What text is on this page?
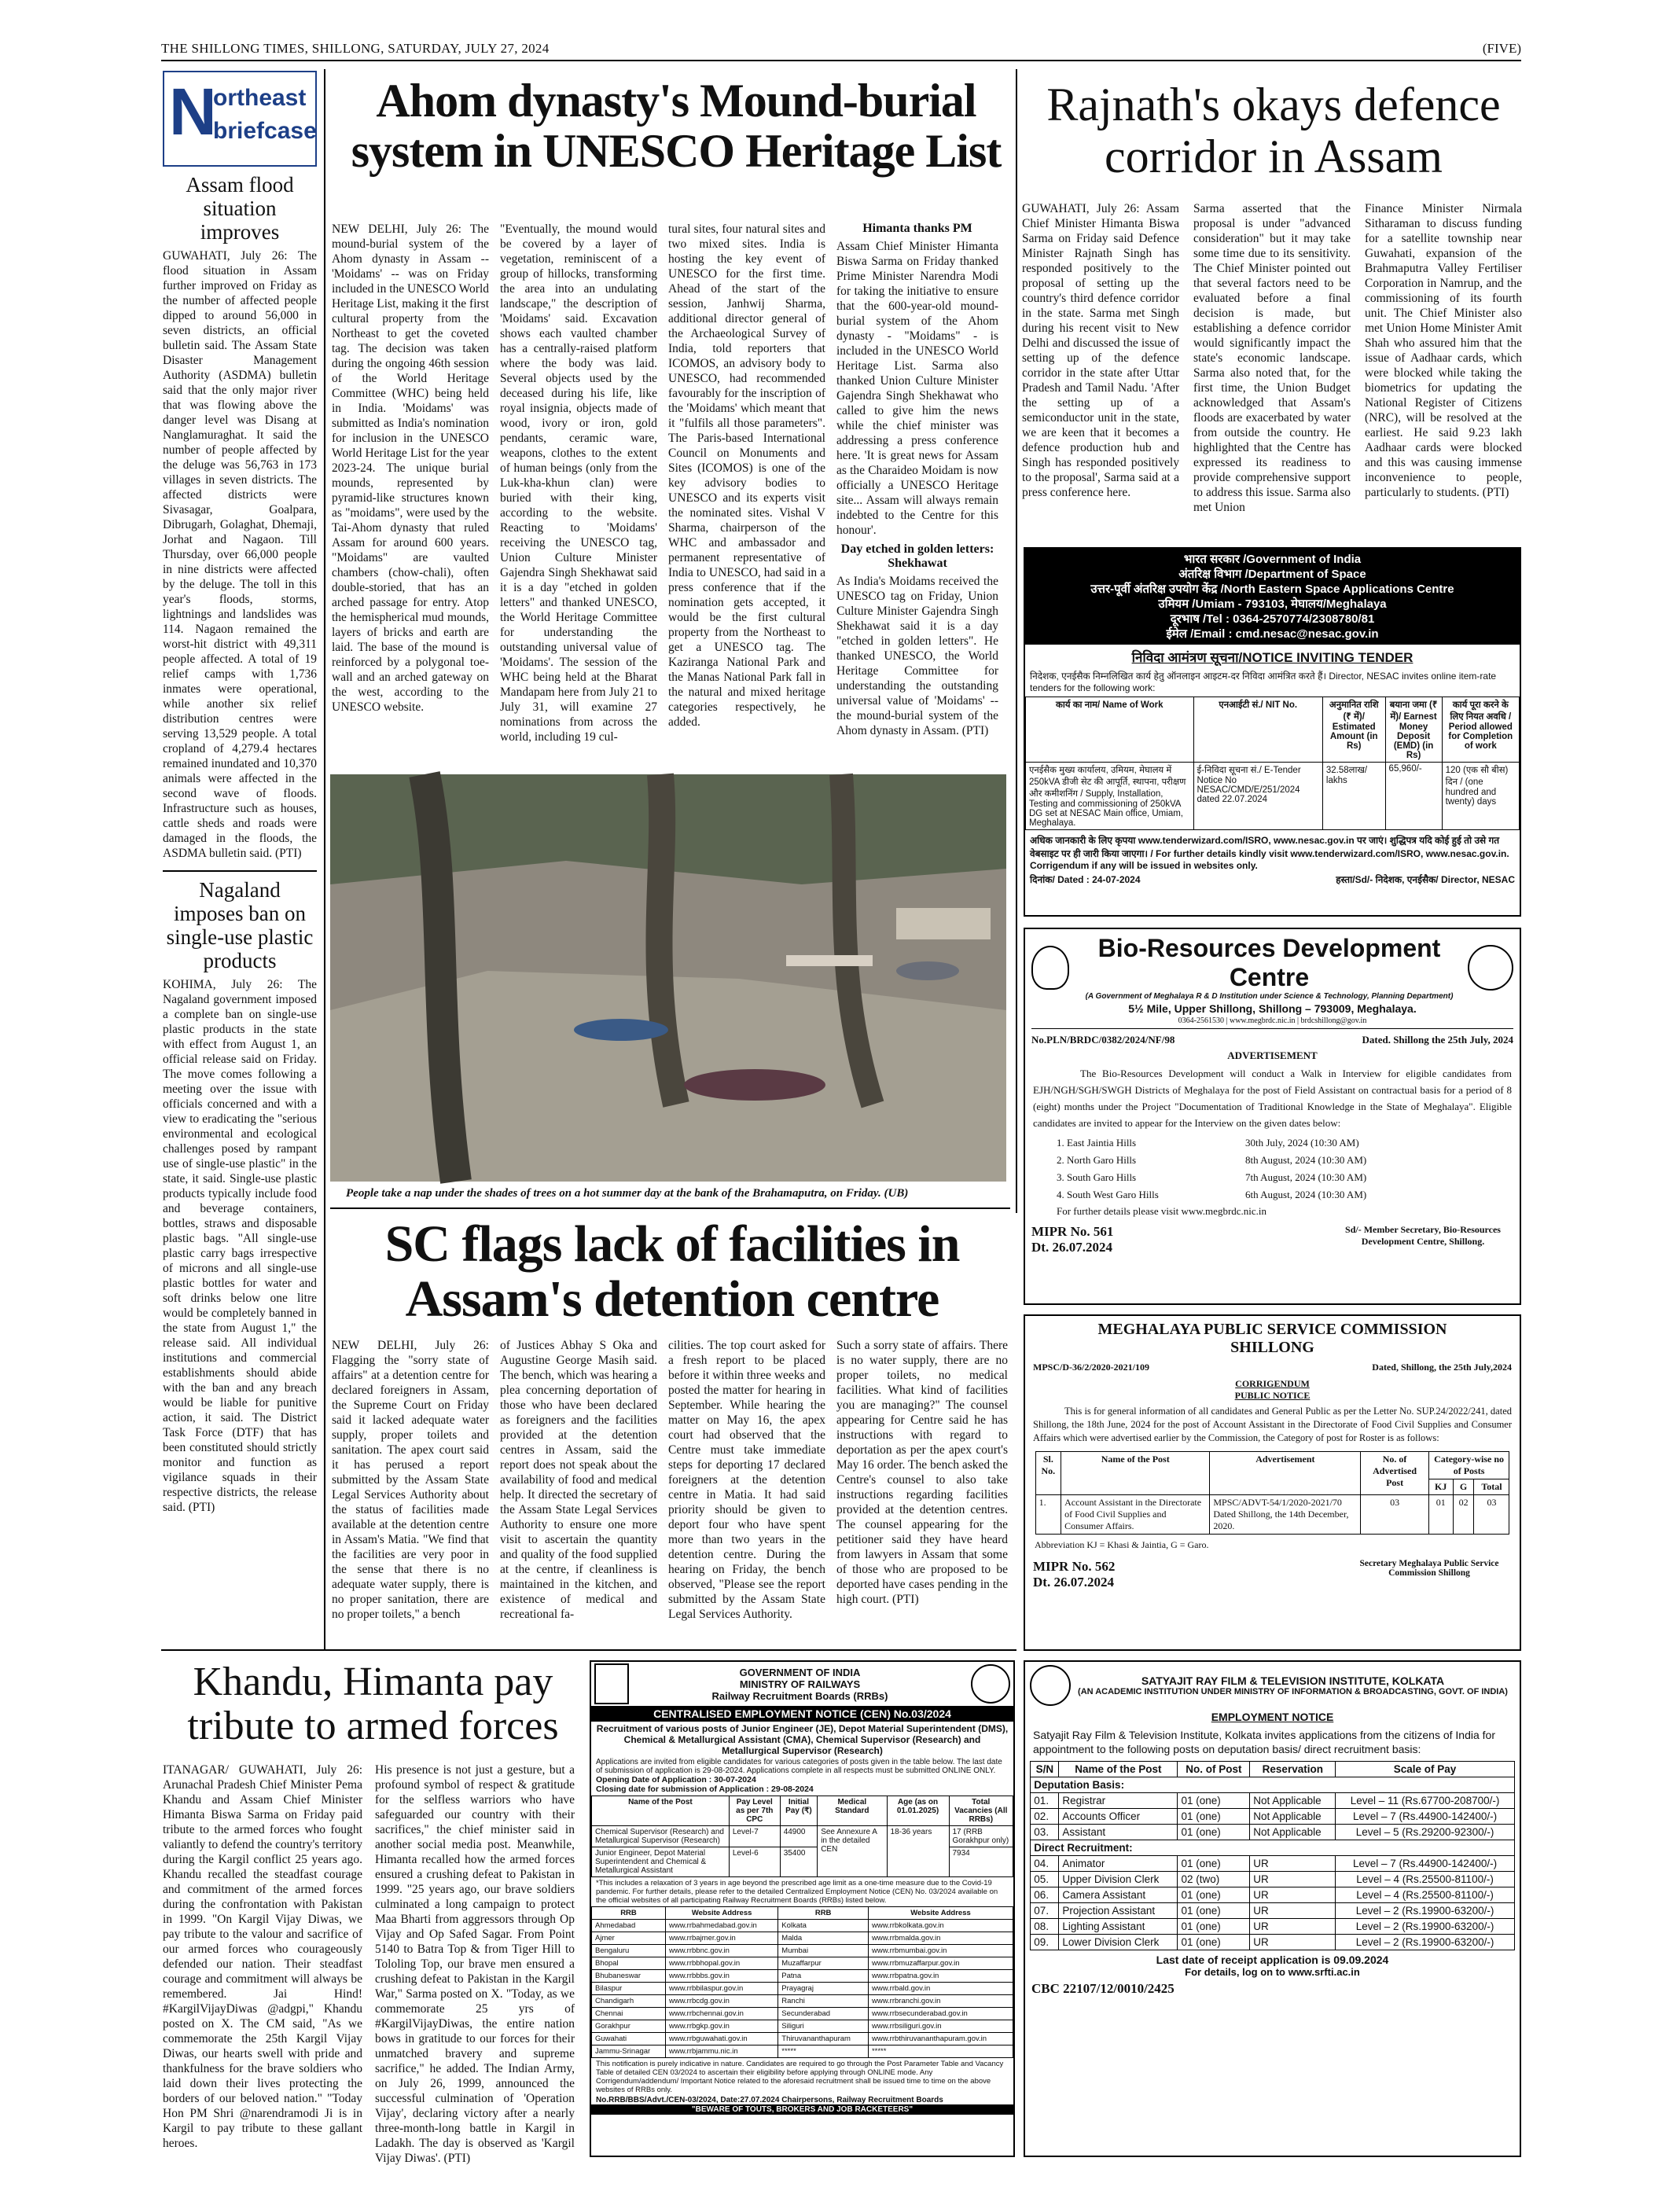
THE SHILLONG TIMES, SHILLONG, SATURDAY, JULY 27, 2024	(FIVE)
N
ortheast
briefcase
Assam flood situation improves
GUWAHATI, July 26: The flood situation in Assam further improved on Friday as the number of affected people dipped to around 56,000 in seven districts, an official bulletin said. The Assam State Disaster Management Authority (ASDMA) bulletin said that the only major river that was flowing above the danger level was Disang at Nanglamuraghat. It said the number of people affected by the deluge was 56,763 in 173 villages in seven districts. The affected districts were Sivasagar, Goalpara, Dibrugarh, Golaghat, Dhemaji, Jorhat and Nagaon. Till Thursday, over 66,000 people in nine districts were affected by the deluge. The toll in this year's floods, storms, lightnings and landslides was 114. Nagaon remained the worst-hit district with 49,311 people affected. A total of 19 relief camps with 1,736 inmates were operational, while another six relief distribution centres were serving 13,529 people. A total cropland of 4,279.4 hectares remained inundated and 10,370 animals were affected in the second wave of floods. Infrastructure such as houses, cattle sheds and roads were damaged in the floods, the ASDMA bulletin said. (PTI)
Nagaland imposes ban on single-use plastic products
KOHIMA, July 26: The Nagaland government imposed a complete ban on single-use plastic products in the state with effect from August 1, an official release said on Friday. The move comes following a meeting over the issue with officials concerned and with a view to eradicating the "serious environmental and ecological challenges posed by rampant use of single-use plastic" in the state, it said. Single-use plastic products typically include food and beverage containers, bottles, straws and disposable plastic bags. "All single-use plastic carry bags irrespective of microns and all single-use plastic bottles for water and soft drinks below one litre would be completely banned in the state from August 1," the release said. All individual institutions and commercial establishments should abide with the ban and any breach would be liable for punitive action, it said. The District Task Force (DTF) that has been constituted should strictly monitor and function as vigilance squads in their respective districts, the release said. (PTI)
Ahom dynasty's Mound-burial system in UNESCO Heritage List
NEW DELHI, July 26: The mound-burial system of the Ahom dynasty in Assam -- 'Moidams' -- was on Friday included in the UNESCO World Heritage List, making it the first cultural property from the Northeast to get the coveted tag. The decision was taken during the ongoing 46th session of the World Heritage Committee (WHC) being held in India. 'Moidams' was submitted as India's nomination for inclusion in the UNESCO World Heritage List for the year 2023-24. The unique burial mounds, represented by pyramid-like structures known as "moidams", were used by the Tai-Ahom dynasty that ruled Assam for around 600 years. "Moidams" are vaulted chambers (chow-chali), often double-storied, that has an arched passage for entry. Atop the hemispherical mud mounds, layers of bricks and earth are laid. The base of the mound is reinforced by a polygonal toe-wall and an arched gateway on the west, according to the UNESCO website.
"Eventually, the mound would be covered by a layer of vegetation, reminiscent of a group of hillocks, transforming the area into an undulating landscape," the description of 'Moidams' said. Excavation shows each vaulted chamber has a centrally-raised platform where the body was laid. Several objects used by the deceased during his life, like royal insignia, objects made of wood, ivory or iron, gold pendants, ceramic ware, weapons, clothes to the extent of human beings (only from the Luk-kha-khun clan) were buried with their king, according to the website. Reacting to 'Moidams' receiving the UNESCO tag, Union Culture Minister Gajendra Singh Shekhawat said it is a day "etched in golden letters" and thanked UNESCO, the World Heritage Committee for understanding the outstanding universal value of 'Moidams'. The session of the WHC being held at the Bharat Mandapam here from July 21 to July 31, will examine 27 nominations from across the world, including 19 cul-
tural sites, four natural sites and two mixed sites. India is hosting the key event of UNESCO for the first time. Ahead of the start of the session, Janhwij Sharma, additional director general of the Archaeological Survey of India, told reporters that ICOMOS, an advisory body to UNESCO, had recommended favourably for the inscription of the 'Moidams' which meant that it "fulfils all those parameters". The Paris-based International Council on Monuments and Sites (ICOMOS) is one of the key advisory bodies to UNESCO and its experts visit the nominated sites. Vishal V Sharma, chairperson of the WHC and ambassador and permanent representative of India to UNESCO, had said in a press conference that if the nomination gets accepted, it would be the first cultural property from the Northeast to get a UNESCO tag. The Kaziranga National Park and the Manas National Park fall in the natural and mixed heritage categories respectively, he added.
Himanta thanks PM
Assam Chief Minister Himanta Biswa Sarma on Friday thanked Prime Minister Narendra Modi for taking the initiative to ensure that the 600-year-old mound-burial system of the Ahom dynasty - "Moidams" - is included in the UNESCO World Heritage List. Sarma also thanked Union Culture Minister Gajendra Singh Shekhawat who called to give him the news while the chief minister was addressing a press conference here. 'It is great news for Assam as the Charaideo Moidam is now officially a UNESCO Heritage site... Assam will always remain indebted to the Centre for this honour'.
Day etched in golden letters: Shekhawat
As India's Moidams received the UNESCO tag on Friday, Union Culture Minister Gajendra Singh Shekhawat said it is a day "etched in golden letters". He thanked UNESCO, the World Heritage Committee for understanding the outstanding universal value of 'Moidams' -- the mound-burial system of the Ahom dynasty in Assam. (PTI)
People take a nap under the shades of trees on a hot summer day at the bank of the Brahamaputra, on Friday. (UB)
SC flags lack of facilities in Assam's detention centre
NEW DELHI, July 26: Flagging the "sorry state of affairs" at a detention centre for declared foreigners in Assam, the Supreme Court on Friday said it lacked adequate water supply, proper toilets and sanitation. The apex court said it has perused a report submitted by the Assam State Legal Services Authority about the status of facilities made available at the detention centre in Assam's Matia. "We find that the facilities are very poor in the sense that there is no adequate water supply, there is no proper sanitation, there are no proper toilets," a bench
of Justices Abhay S Oka and Augustine George Masih said. The bench, which was hearing a plea concerning deportation of those who have been declared as foreigners and the facilities provided at the detention centres in Assam, said the report does not speak about the availability of food and medical help. It directed the secretary of the Assam State Legal Services Authority to ensure one more visit to ascertain the quantity and quality of the food supplied at the centre, if cleanliness is maintained in the kitchen, and existence of medical and recreational fa-
cilities. The top court asked for a fresh report to be placed before it within three weeks and posted the matter for hearing in September. While hearing the matter on May 16, the apex court had observed that the Centre must take immediate steps for deporting 17 declared foreigners at the detention centre in Matia. It had said priority should be given to deport four who have spent more than two years in the detention centre. During the hearing on Friday, the bench observed, "Please see the report submitted by the Assam State Legal Services Authority.
Such a sorry state of affairs. There is no water supply, there are no proper toilets, no medical facilities. What kind of facilities you are managing?" The counsel appearing for Centre said he has instructions with regard to deportation as per the apex court's May 16 order. The bench asked the Centre's counsel to also take instructions regarding facilities provided at the detention centres. The counsel appearing for the petitioner said they have heard from lawyers in Assam that some of those who are proposed to be deported have cases pending in the high court. (PTI)
Rajnath's okays defence corridor in Assam
GUWAHATI, July 26: Assam Chief Minister Himanta Biswa Sarma on Friday said Defence Minister Rajnath Singh has responded positively to the proposal of setting up the country's third defence corridor in the state. Sarma met Singh during his recent visit to New Delhi and discussed the issue of setting up of the defence corridor in the state after Uttar Pradesh and Tamil Nadu. 'After the setting up of a semiconductor unit in the state, we are keen that it becomes a defence production hub and Singh has responded positively to the proposal', Sarma said at a press conference here.
Sarma asserted that the proposal is under "advanced consideration" but it may take some time due to its sensitivity. The Chief Minister pointed out that several factors need to be evaluated before a final decision is made, but establishing a defence corridor would significantly impact the state's economic landscape. Sarma also noted that, for the first time, the Union Budget acknowledged that Assam's floods are exacerbated by water from outside the country. He highlighted that the Centre has expressed its readiness to provide comprehensive support to address this issue. Sarma also met Union
Finance Minister Nirmala Sitharaman to discuss funding for a satellite township near Guwahati, expansion of the Brahmaputra Valley Fertiliser Corporation in Namrup, and the commissioning of its fourth unit. The Chief Minister also met Union Home Minister Amit Shah who assured him that the issue of Aadhaar cards, which were blocked while taking the biometrics for updating the National Register of Citizens (NRC), will be resolved at the earliest. He said 9.23 lakh Aadhaar cards were blocked and this was causing immense inconvenience to people, particularly to students. (PTI)
भारत सरकार /Government of India
अंतरिक्ष विभाग /Department of Space
उत्तर-पूर्वी अंतरिक्ष उपयोग केंद्र /North Eastern Space Applications Centre
उमियम /Umiam - 793103, मेघालय/Meghalaya
दूरभाष /Tel : 0364-2570774/2308780/81
ईमेल /Email : cmd.nesac@nesac.gov.in
निविदा आमंत्रण सूचना/NOTICE INVITING TENDER
निदेशक, एनईसैक निम्नलिखित कार्य हेतु ऑनलाइन आइटम-दर निविदा आमंत्रित करते हैं। Director, NESAC invites online item-rate tenders for the following work:
कार्य का नाम/ Name of Work	एनआईटी सं./ NIT No.	अनुमानित राशि (₹ में)/ Estimated Amount (in Rs)	बयाना जमा (₹ में)/ Earnest Money Deposit (EMD) (in Rs)	कार्य पूरा करने के लिए नियत अवधि / Period allowed for Completion of work
एनईसैक मुख्य कार्यालय, उमियम, मेघालय में 250kVA डीजी सेट की आपूर्ति, स्थापना, परीक्षण और कमीशनिंग / Supply, Installation, Testing and commissioning of 250kVA DG set at NESAC Main office, Umiam, Meghalaya.	ई-निविदा सूचना सं./ E-Tender Notice No NESAC/CMD/E/251/2024 dated 22.07.2024	32.58लाख/ lakhs	65,960/-	120 (एक सौ बीस) दिन / (one hundred and twenty) days
अधिक जानकारी के लिए कृपया www.tenderwizard.com/ISRO, www.nesac.gov.in पर जाएं। शुद्धिपत्र यदि कोई हुई तो उसे गत वेबसाइट पर ही जारी किया जाएगा। / For further details kindly visit www.tenderwizard.com/ISRO, www.nesac.gov.in. Corrigendum if any will be issued in websites only.
दिनांक/ Dated : 24-07-2024	हस्ता/Sd/- निदेशक, एनईसैक/ Director, NESAC
Bio-Resources Development Centre
(A Government of Meghalaya R & D Institution under Science & Technology, Planning Department)
5½ Mile, Upper Shillong, Shillong – 793009, Meghalaya.
0364-2561530 | www.megbrdc.nic.in | brdcshillong@gov.in
No.PLN/BRDC/0382/2024/NF/98	Dated. Shillong the 25th July, 2024
ADVERTISEMENT
The Bio-Resources Development will conduct a Walk in Interview for eligible candidates from EJH/NGH/SGH/SWGH Districts of Meghalaya for the post of Field Assistant on contractual basis for a period of 8 (eight) months under the Project "Documentation of Traditional Knowledge in the State of Meghalaya". Eligible candidates are invited to appear for the Interview on the given dates below:
1. East Jaintia Hills	30th July, 2024 (10:30 AM)
2. North Garo Hills	8th August, 2024 (10:30 AM)
3. South Garo Hills	7th August, 2024 (10:30 AM)
4. South West Garo Hills	6th August, 2024 (10:30 AM)
For further details please visit www.megbrdc.nic.in
MIPR No. 561
Dt. 26.07.2024
Sd/- Member Secretary, Bio-Resources Development Centre, Shillong.
MEGHALAYA PUBLIC SERVICE COMMISSION
SHILLONG
MPSC/D-36/2/2020-2021/109	Dated, Shillong, the 25th July,2024
CORRIGENDUM PUBLIC NOTICE
This is for general information of all candidates and General Public as per the Letter No. SUP.24/2022/241, dated Shillong, the 18th June, 2024 for the post of Account Assistant in the Directorate of Food Civil Supplies and Consumer Affairs which were advertised earlier by the Commission, the Category of post for Roster is as follows:
Sl. No.	Name of the Post	Advertisement	No. of Advertised Post	Category-wise no of Posts		
				KJ	G	Total
1.	Account Assistant in the Directorate of Food Civil Supplies and Consumer Affairs.	MPSC/ADVT-54/1/2020-2021/70 Dated Shillong, the 14th December, 2020.	03	01	02	03
Abbreviation KJ = Khasi & Jaintia, G = Garo.
MIPR No. 562
Dt. 26.07.2024
Secretary Meghalaya Public Service Commission Shillong
Khandu, Himanta pay tribute to armed forces
ITANAGAR/ GUWAHATI, July 26: Arunachal Pradesh Chief Minister Pema Khandu and Assam Chief Minister Himanta Biswa Sarma on Friday paid tribute to the armed forces who fought valiantly to defend the country's territory during the Kargil conflict 25 years ago. Khandu recalled the steadfast courage and commitment of the armed forces during the confrontation with Pakistan in 1999. "On Kargil Vijay Diwas, we pay tribute to the valour and sacrifice of our armed forces who courageously defended our nation. Their steadfast courage and commitment will always be remembered. Jai Hind! #KargilVijayDiwas @adgpi," Khandu posted on X. The CM said, "As we commemorate the 25th Kargil Vijay Diwas, our hearts swell with pride and thankfulness for the brave soldiers who laid down their lives protecting the borders of our beloved nation." "Today Hon PM Shri @narendramodi Ji is in Kargil to pay tribute to these gallant heroes.
His presence is not just a gesture, but a profound symbol of respect & gratitude for the selfless warriors who have safeguarded our country with their sacrifices," the chief minister said in another social media post. Meanwhile, Himanta recalled how the armed forces ensured a crushing defeat to Pakistan in 1999. "25 years ago, our brave soldiers culminated a long campaign to protect Maa Bharti from aggressors through Op Vijay and Op Safed Sagar. From Point 5140 to Batra Top & from Tiger Hill to Tololing Top, our brave men ensured a crushing defeat to Pakistan in the Kargil War," Sarma posted on X. "Today, as we commemorate 25 yrs of #KargilVijayDiwas, the entire nation bows in gratitude to our forces for their unmatched bravery and supreme sacrifice," he added. The Indian Army, on July 26, 1999, announced the successful culmination of 'Operation Vijay', declaring victory after a nearly three-month-long battle in Kargil in Ladakh. The day is observed as 'Kargil Vijay Diwas'. (PTI)
GOVERNMENT OF INDIA
MINISTRY OF RAILWAYS
Railway Recruitment Boards (RRBs)
CENTRALISED EMPLOYMENT NOTICE (CEN) No.03/2024
Recruitment of various posts of Junior Engineer (JE), Depot Material Superintendent (DMS), Chemical & Metallurgical Assistant (CMA), Chemical Supervisor (Research) and Metallurgical Supervisor (Research)
Applications are invited from eligible candidates for various categories of posts given in the table below. The last date of submission of application is 29-08-2024. Applications complete in all respects must be submitted ONLINE ONLY.
Opening Date of Application : 30-07-2024
Closing date for submission of Application : 29-08-2024
Name of the Post	Pay Level as per 7th CPC	Initial Pay (₹)	Medical Standard	Age (as on 01.01.2025)	Total Vacancies (All RRBs)
Chemical Supervisor (Research) and Metallurgical Supervisor (Research)	Level-7	44900	See Annexure A in the detailed CEN	18-36 years	17 (RRB Gorakhpur only)
Junior Engineer, Depot Material Superintendent and Chemical & Metallurgical Assistant	Level-6	35400			7934
*This includes a relaxation of 3 years in age beyond the prescribed age limit as a one-time measure due to the Covid-19 pandemic. For further details, please refer to the detailed Centralized Employment Notice (CEN) No. 03/2024 available on the official websites of all participating Railway Recruitment Boards (RRBs) listed below.
RRB	Website Address	RRB	Website Address
Ahmedabad	www.rrbahmedabad.gov.in	Kolkata	www.rrbkolkata.gov.in
Ajmer	www.rrbajmer.gov.in	Malda	www.rrbmalda.gov.in
Bengaluru	www.rrbbnc.gov.in	Mumbai	www.rrbmumbai.gov.in
Bhopal	www.rrbbhopal.gov.in	Muzaffarpur	www.rrbmuzaffarpur.gov.in
Bhubaneswar	www.rrbbbs.gov.in	Patna	www.rrbpatna.gov.in
Bilaspur	www.rrbbilaspur.gov.in	Prayagraj	www.rrbald.gov.in
Chandigarh	www.rrbcdg.gov.in	Ranchi	www.rrbranchi.gov.in
Chennai	www.rrbchennai.gov.in	Secunderabad	www.rrbsecunderabad.gov.in
Gorakhpur	www.rrbgkp.gov.in	Siliguri	www.rrbsiliguri.gov.in
Guwahati	www.rrbguwahati.gov.in	Thiruvananthapuram	www.rrbthiruvananthapuram.gov.in
Jammu-Srinagar	www.rrbjammu.nic.in	*****	*****
This notification is purely indicative in nature. Candidates are required to go through the Post Parameter Table and Vacancy Table of detailed CEN 03/2024 to ascertain their eligibility before applying through ONLINE mode. Any Corrigendum/addendum/ Important Notice related to the aforesaid recruitment shall be issued time to time on the above websites of RRBs only.
No.RRB/BBS/Advt./CEN-03/2024, Date:27.07.2024 Chairpersons, Railway Recruitment Boards
"BEWARE OF TOUTS, BROKERS AND JOB RACKETEERS"
SATYAJIT RAY FILM & TELEVISION INSTITUTE, KOLKATA
(AN ACADEMIC INSTITUTION UNDER MINISTRY OF INFORMATION & BROADCASTING, GOVT. OF INDIA)
EMPLOYMENT NOTICE
Satyajit Ray Film & Television Institute, Kolkata invites applications from the citizens of India for appointment to the following posts on deputation basis/ direct recruitment basis:
S/N	Name of the Post	No. of Post	Reservation	Scale of Pay
Deputation Basis:				
01.	Registrar	01 (one)	Not Applicable	Level – 11 (Rs.67700-208700/-)
02.	Accounts Officer	01 (one)	Not Applicable	Level – 7 (Rs.44900-142400/-)
03.	Assistant	01 (one)	Not Applicable	Level – 5 (Rs.29200-92300/-)
Direct Recruitment:				
04.	Animator	01 (one)	UR	Level – 7 (Rs.44900-142400/-)
05.	Upper Division Clerk	02 (two)	UR	Level – 4 (Rs.25500-81100/-)
06.	Camera Assistant	01 (one)	UR	Level – 4 (Rs.25500-81100/-)
07.	Projection Assistant	01 (one)	UR	Level – 2 (Rs.19900-63200/-)
08.	Lighting Assistant	01 (one)	UR	Level – 2 (Rs.19900-63200/-)
09.	Lower Division Clerk	01 (one)	UR	Level – 2 (Rs.19900-63200/-)
Last date of receipt application is 09.09.2024
For details, log on to www.srfti.ac.in
CBC 22107/12/0010/2425
